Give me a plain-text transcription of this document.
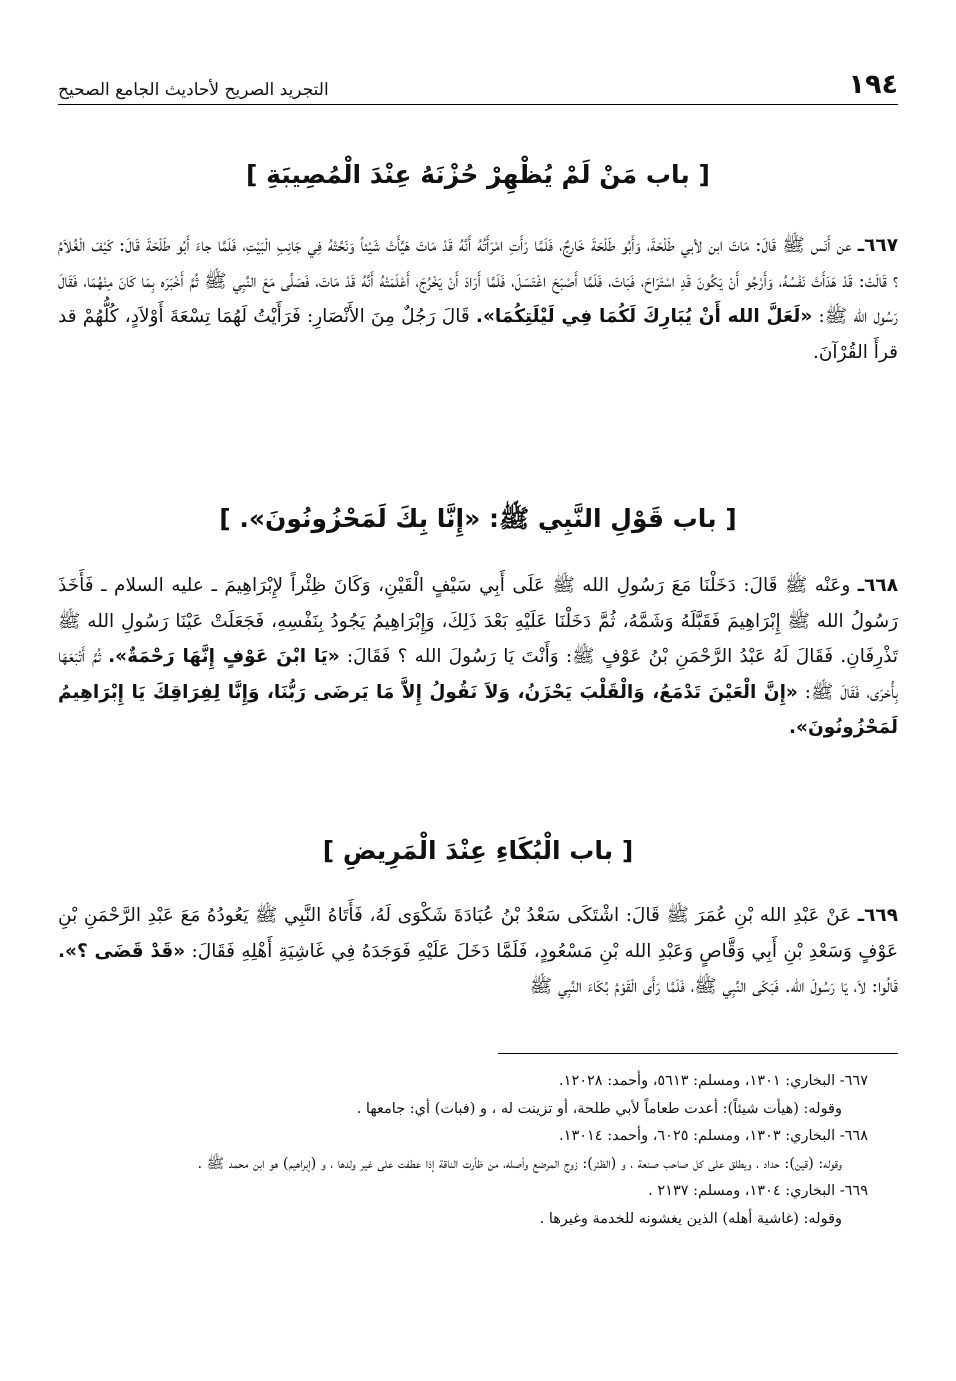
١٩٤
التجريد الصريح لأحاديث الجامع الصحيح
[ باب مَنْ لَمْ يُظْهِرْ حُزْنَهُ عِنْدَ الْمُصِيبَةِ ]
٦٦٧ـ عن أَنَس ﷺ قَالَ: مَاتَ ابن لأبي طَلْحَةَ، وَأَبُو طَلْحَةَ خَارِجٌ، فَلَمَّا رَأَتِ امْرَأَتُهُ أَنَّهُ قَدْ مَاتَ هَيَّأَتْ شَيْئاً وَنَحَّتْهُ فِي جَانِبِ الْبَيْتِ، فَلَمَّا جاءَ أَبُو طَلْحَةَ قَالَ: كَيْفَ الْغُلاَمُ ؟ قَالَتْ: قَدْ هَدَأَتْ نَفْسُهُ، وَأَرْجُو أَنْ يَكُونَ قَدِ اسْتَرَاحَ، فَبَاتَ، فَلَمَّا أَصْبَحَ اغْتَسَلَ، فَلَمَّا أَرَادَ أَنْ يَخْرُجَ، أَعْلَمَتْهُ أَنَّهُ قَدْ مَاتَ، فَصَلَّى مَعَ النَّبِي ﷺ ثُمَّ أَخْبَرَه بِمَا كَانَ مِنْهُمَا، فَقَالَ رَسُول الله ﷺ: «لَعَلَّ الله أَنْ يُبَارِكَ لَكُمَا فِي لَيْلَتِكُمَا». قَالَ رَجُلٌ مِنَ الأَنْصَارِ: فَرَأَيْتُ لَهُمَا تِسْعَةَ أَوْلاَدٍ، كُلُّهُمْ قد قرأَ القُرْآنَ.
[ باب قَوْلِ النَّبِي ﷺ: «إِنَّا بِكَ لَمَحْزُونُونَ». ]
٦٦٨ـ وعَنْه ﷺ قَالَ: دَخَلْنَا مَعَ رَسُولِ الله ﷺ عَلَى أَبِي سَيْفٍ الْقَيْنِ، وَكَانَ ظِئْراً لإِبْرَاهِيمَ ـ عليه السلام ـ فَأَخَذَ رَسُولُ الله ﷺ إِبْرَاهِيمَ فَقَبَّلَهُ وَشَمَّهُ، ثُمَّ دَخَلْنَا عَلَيْهِ بَعْدَ ذَلِكَ، وَإِبْرَاهِيمُ يَجُودُ بِنَفْسِهِ، فَجَعَلَتْ عَيْنَا رَسُولِ الله ﷺ تَذْرِفَانِ. فَقَالَ لَهُ عَبْدُ الرَّحْمَنِ بْنُ عَوْفٍ ﷺ: وَأَنْتَ يَا رَسُولَ الله ؟ فَقَالَ: «يَا ابْنَ عَوْفٍ إِنَّهَا رَحْمَةٌ». ثُمَّ أَتْبَعَهَا بِأُخرَى، فَقَالَ ﷺ: «إِنَّ الْعَيْنَ تَدْمَعُ، وَالْقَلْبَ يَحْزَنُ، وَلاَ نَقُولُ إِلاَّ مَا يَرضَى رَبُّنَا، وَإِنَّا لِفِرَاقِكَ يَا إِبْرَاهِيمُ لَمَحْزُونُونَ».
[ باب الْبُكَاءِ عِنْدَ الْمَرِيضِ ]
٦٦٩ـ عَنْ عَبْدِ الله بْنِ عُمَرَ ﷺ قَالَ: اشْتَكَى سَعْدُ بْنُ عُبَادَةَ شَكْوَى لَهُ، فَأَتَاهُ النَّبِي ﷺ يَعُودُهُ مَعَ عَبْدِ الرَّحْمَنِ بْنِ عَوْفٍ وَسَعْدِ بْنِ أَبِي وَقَّاصٍ وَعَبْدِ الله بْنِ مَسْعُودٍ، فَلَمَّا دَخَلَ عَلَيْهِ فَوَجَدَهُ فِي غَاشِيَةِ أَهْلِهِ فَقَالَ: «قَدْ قَضَى ؟». قَالُوا: لاَ، يَا رَسُولَ الله. فَبَكَى النَّبِي ﷺ، فَلَمَّا رَأَى الْقَوْمُ بُكَاءَ النَّبِي ﷺ
٦٦٧- البخاري: ١٣٠١، ومسلم: ٥٦١٣، وأحمد: ١٢٠٢٨.
وقوله: (هيأت شيئاً): أعدت طعاماً لأبي طلحة، أو تزينت له ، و (فبات) أي: جامعها .
٦٦٨- البخاري: ١٣٠٣، ومسلم: ٦٠٢٥، وأحمد: ١٣٠١٤.
وقوله: (قين): حداد ، ويطلق على كل صاحب صنعة ، و (الظئر): زوج المرضع وأصله، من ظأرت الناقة إذا عطفت على غير ولدها ، و (إبراهيم) هو ابن محمد ﷺ .
٦٦٩- البخاري: ١٣٠٤، ومسلم: ٢١٣٧ .
وقوله: (غاشية أهله) الذين يغشونه للخدمة وغيرها .
